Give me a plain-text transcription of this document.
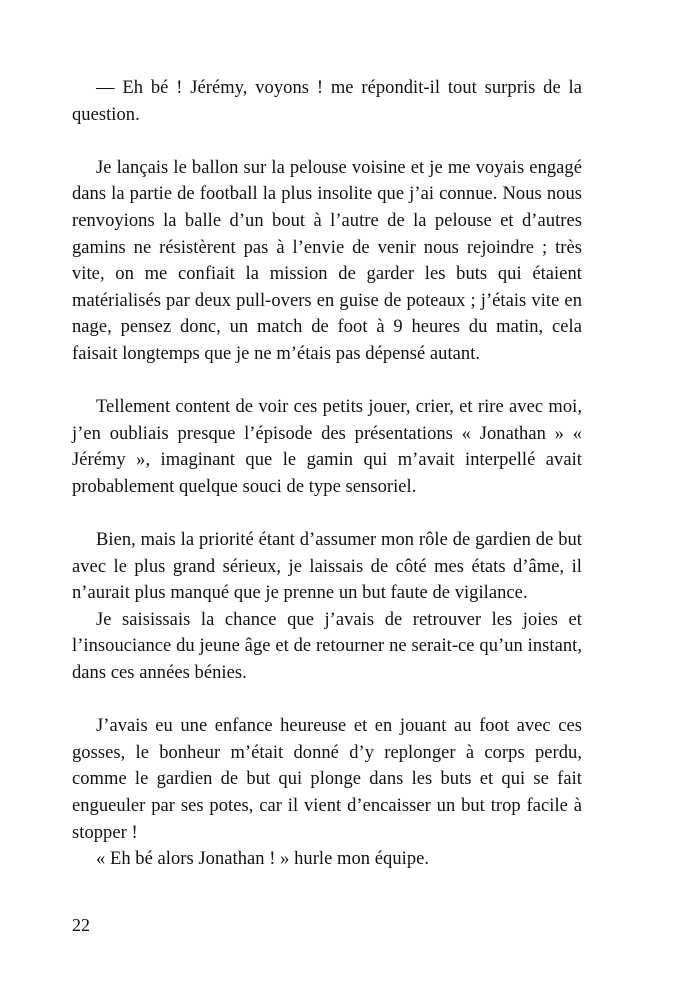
— Eh bé ! Jérémy, voyons ! me répondit-il tout surpris de la question.

Je lançais le ballon sur la pelouse voisine et je me voyais engagé dans la partie de football la plus insolite que j’ai connue. Nous nous renvoyions la balle d’un bout à l’autre de la pelouse et d’autres gamins ne résistèrent pas à l’envie de venir nous rejoindre ; très vite, on me confiait la mission de garder les buts qui étaient matérialisés par deux pull-overs en guise de poteaux ; j’étais vite en nage, pensez donc, un match de foot à 9 heures du matin, cela faisait longtemps que je ne m’étais pas dépensé autant.

Tellement content de voir ces petits jouer, crier, et rire avec moi, j’en oubliais presque l’épisode des présentations « Jonathan » « Jérémy », imaginant que le gamin qui m’avait interpellé avait probablement quelque souci de type sensoriel.

Bien, mais la priorité étant d’assumer mon rôle de gardien de but avec le plus grand sérieux, je laissais de côté mes états d’âme, il n’aurait plus manqué que je prenne un but faute de vigilance.

Je saisissais la chance que j’avais de retrouver les joies et l’insouciance du jeune âge et de retourner ne serait-ce qu’un instant, dans ces années bénies.

J’avais eu une enfance heureuse et en jouant au foot avec ces gosses, le bonheur m’était donné d’y replonger à corps perdu, comme le gardien de but qui plonge dans les buts et qui se fait engueuler par ses potes, car il vient d’encaisser un but trop facile à stopper !

« Eh bé alors Jonathan ! » hurle mon équipe.

22
